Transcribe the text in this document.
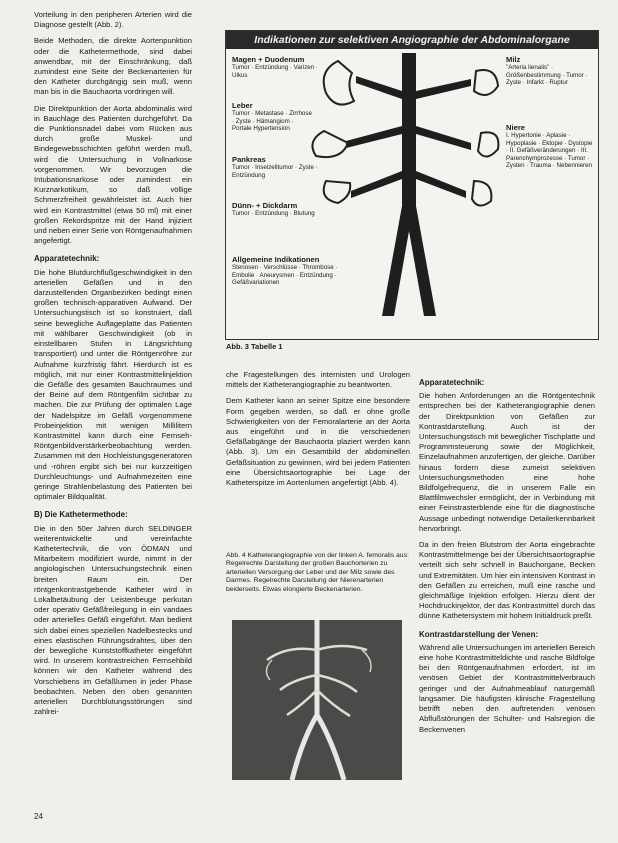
Vorteilung in den peripheren Arterien wird die Diagnose gestellt (Abb. 2).

Beide Methoden, die direkte Aortenpunktion oder die Kathetermethode, sind dabei anwendbar, mit der Einschränkung, daß zumindest eine Seite der Beckenarterien für den Katheter durchgängig sein muß, wenn man bis in die Bauchaorta vordringen will.

Die Direktpunktion der Aorta abdominalis wird in Bauchlage des Patienten durchgeführt. Da die Punktionsnadel dabei vom Rücken aus durch große Muskel- und Bindegewebsschichten geführt werden muß, wird die Untersuchung in Vollnarkose vorgenommen. Wir bevorzugen die Intubationsnarkose oder zumindest ein Kurznarkotikum, so daß völlige Schmerzfreiheit gewährleistet ist. Auch hier wird ein Kontrastmittel (etwa 50 ml) mit einer großen Rekordspritze mit der Hand injiziert und neben einer Serie von Röntgenaufnahmen angefertigt.

Apparatetechnik:

Die hohe Blutdurchflußgeschwindigkeit in den arteriellen Gefäßen und in den darzustellenden Organbezirken bedingt einen großen technisch-apparativen Aufwand. Der Untersuchungstisch ist so konstruiert, daß seine bewegliche Auflageplatte das Patienten mit wählbarer Geschwindigkeit (ob in einstellbaren Stufen in Längsrichtung transportiert) und unter die Röntgenröhre zur Aufnahme kurzfristig fährt. Hierdurch ist es möglich, mit nur einer Kontrastmittelinjektion die Gefäße des gesamten Bauchraumes und der Beine auf dem Röntgenfilm sichtbar zu machen. Die zur Prüfung der optimalen Lage der Nadelspitze im Gefäß vorgenommene Probeinjektion mit wenigen Millilitern Kontrastmittel kann durch eine Fernseh-Röntgenbildverstärkerbeobachtung werden. Zusammen mit den Hochleistungsgeneratoren und -röhren ergibt sich bei nur kurzzeitigen Durchleuchtungs- und Aufnahmezeiten eine geringe Strahlenbelastung des Patienten bei optimaler Bildqualität.

B) Die Kathetermethode:

Die in den 50er Jahren durch SELDINGER weiterentwickelte und vereinfachte Kathetertechnik, die von ÖDMAN und Mitarbeitern modifiziert wurde, nimmt in der angiologischen Untersuchungstechnik einen breiten Raum ein. Der röntgenkontrastgebende Katheter wird in Lokalbetäubung der Leistenbeuge perkutan oder operativ Gefäßfreilegung in ein vandaes oder arterielles Gefäß eingeführt. Man bedient sich dabei eines speziellen Nadelbestecks und eines elastischen Führungsdrahtes, über den der bewegliche Kunststoffkatheter eingeführt wird. In unserem kontrastreichen Fernsehbild können wir den Katheter während des Vorschiebens im Gefäßlumen in jeder Phase beobachten. Neben den oben genannten arteriellen Durchblutungsstörungen sind zahlrei-

Indikationen zur selektiven Angiographie der Abdominalorgane
Magen + Duodenum
Tumor · Entzündung · Varizen · Ulkus
Leber
Tumor · Metastase · Zirrhose · Zyste · Hämangiom · Portale Hypertension
Pankreas
Tumor · Inselzelltumor · Zyste · Entzündung
Dünn- + Dickdarm
Tumor · Entzündung · Blutung
Allgemeine Indikationen
Stenosen · Verschlüsse · Thrombose · Embolie · Aneurysmen · Entzündung · Gefäßvariationen
Milz
"Arteria lienalis" · Größenbestimmung · Tumor · Zyste · Infarkt · Ruptur
Niere
I. Hypertonie · Aplasie · Hypoplasie · Ektopie · Dystopie · II. Gefäßveränderungen · III. Parenchymprozesse · Tumor · Zysten · Trauma · Nebennieren
Abb. 3 Tabelle 1

che Fragestellungen des internisten und Urologen mittels der Katheterangiographie zu beantworten.

Dem Katheter kann an seiner Spitze eine besondere Form gegeben werden, so daß er ohne große Schwierigkeiten von der Femoralarterie an der Aorta aus eingeführt und in die verschiedenen Gefäßabgänge der Bauchaorta plaziert werden kann (Abb. 3). Um ein Gesamtbild der abdominellen Gefäßsituation zu gewinnen, wird bei jedem Patienten eine Übersichtsaortographie bei Lage der Katheterspitze im Aortenlumen angefertigt (Abb. 4).

Abb. 4 Katheterangiographie von der linken A. femoralis aus: Regelrechte Darstellung der großen Bauchorterien zu arteriellen Versorgung der Leber und der Milz sowie des Darmes. Regelrechte Darstellung der Nierenarterien beiderseits. Etwas elongierte Beckenarterien.
Apparatetechnik:

Die hohen Anforderungen an die Röntgentechnik entsprechen bei der Katheterangiographie denen der Direktpunktion von Gefäßen zur Kontrastdarstellung. Auch ist der Untersuchungstisch mit beweglicher Tischplatte und Programmsteuerung sowie der Möglichkeit, Einzelaufnahmen anzufertigen, der gleiche. Darüber hinaus fordern diese zumeist selektiven Untersuchungsmethoden eine hohe Bildfolgefrequenz, die in unserem Falle ein Blattfilmwechsler ermöglicht, der in Verbindung mit einer Feinstrasterblende eine für die diagnostische Aussage unbedingt notwendige Detailerkennbarkeit hervorbringt.

Da in den freien Blutstrom der Aorta eingebrachte Kontrastmittelmenge bei der Übersichtsaortographie verteilt sich sehr schnell in Bauchorgane, Becken und Extremitäten. Um hier ein intensiven Kontrast in den Gefäßen zu erreichen, muß eine rasche und gleichmäßige Injektion erfolgen. Hierzu dient der Hochdruckinjektor, der das Kontrastmittel durch das dünne Kathetersystem mit hohem Initialdruck preßt.

Kontrastdarstellung der Venen:

Während alle Untersuchungen im arteriellen Bereich eine hohe Kontrastmitteldichte und rasche Bildfolge bei den Röntgenaufnahmen erfordert, ist im venösen Gebiet der Kontrastmittelverbrauch geringer und der Aufnahmeablauf naturgemäß langsamer. Die häufigsten klinische Fragestellung betrifft neben den auftretenden venösen Abflußstörungen der Schulter- und Halsregion die Beckenvenen

24
